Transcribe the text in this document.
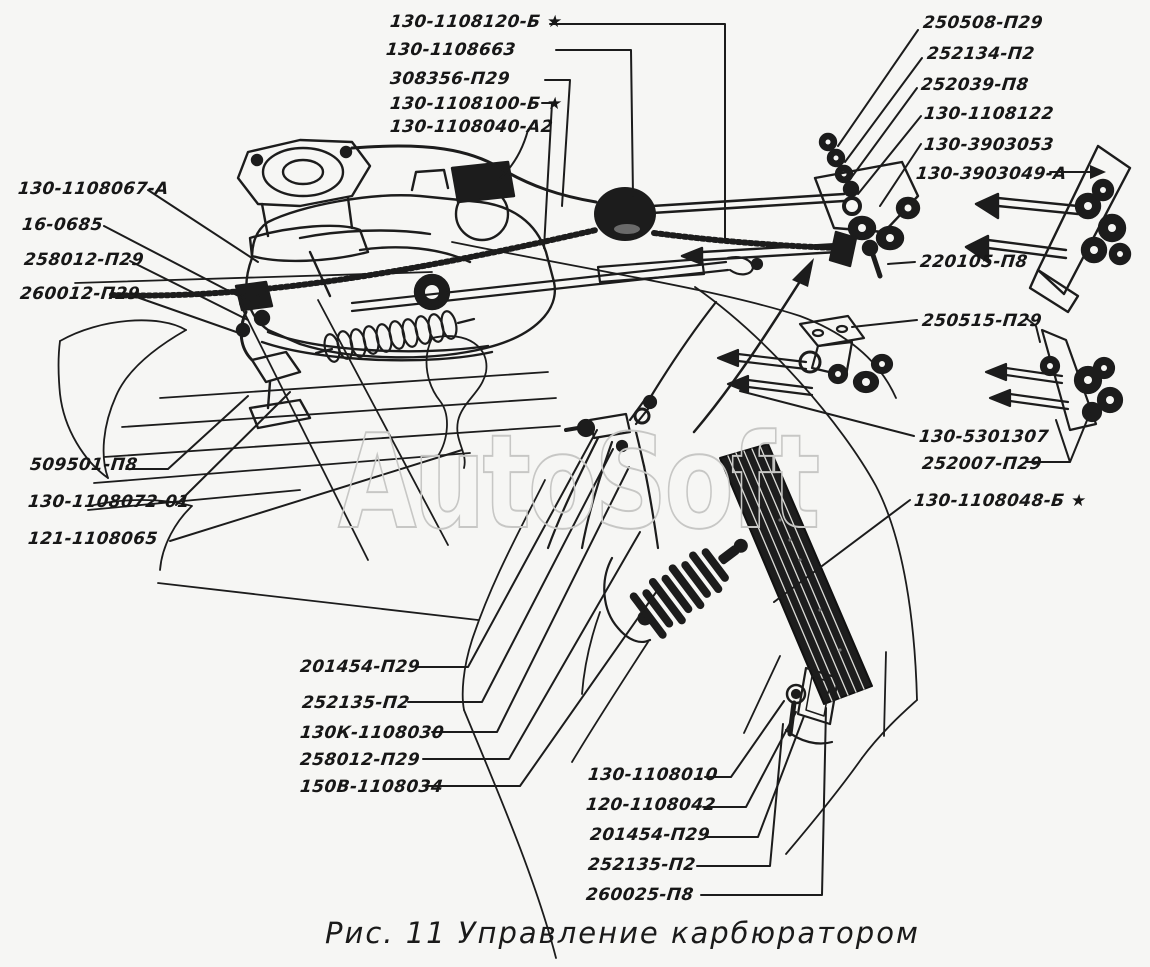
AutoSoft
130-1108120-Б ★
130-1108663
308356-П29
130-1108100-Б ★
130-1108040-А2
250508-П29
252134-П2
252039-П8
130-1108122
130-3903053
130-3903049-А
130-1108067-А
16-0685
258012-П29
260012-П29
220105-П8
250515-П29
509501-П8
130-1108072-01
121-1108065
130-5301307
252007-П29
130-1108048-Б ★
201454-П29
252135-П2
130К-1108030
258012-П29
150В-1108034
130-1108010
120-1108042
201454-П29
252135-П2
260025-П8
Рис. 11 Управление карбюратором
